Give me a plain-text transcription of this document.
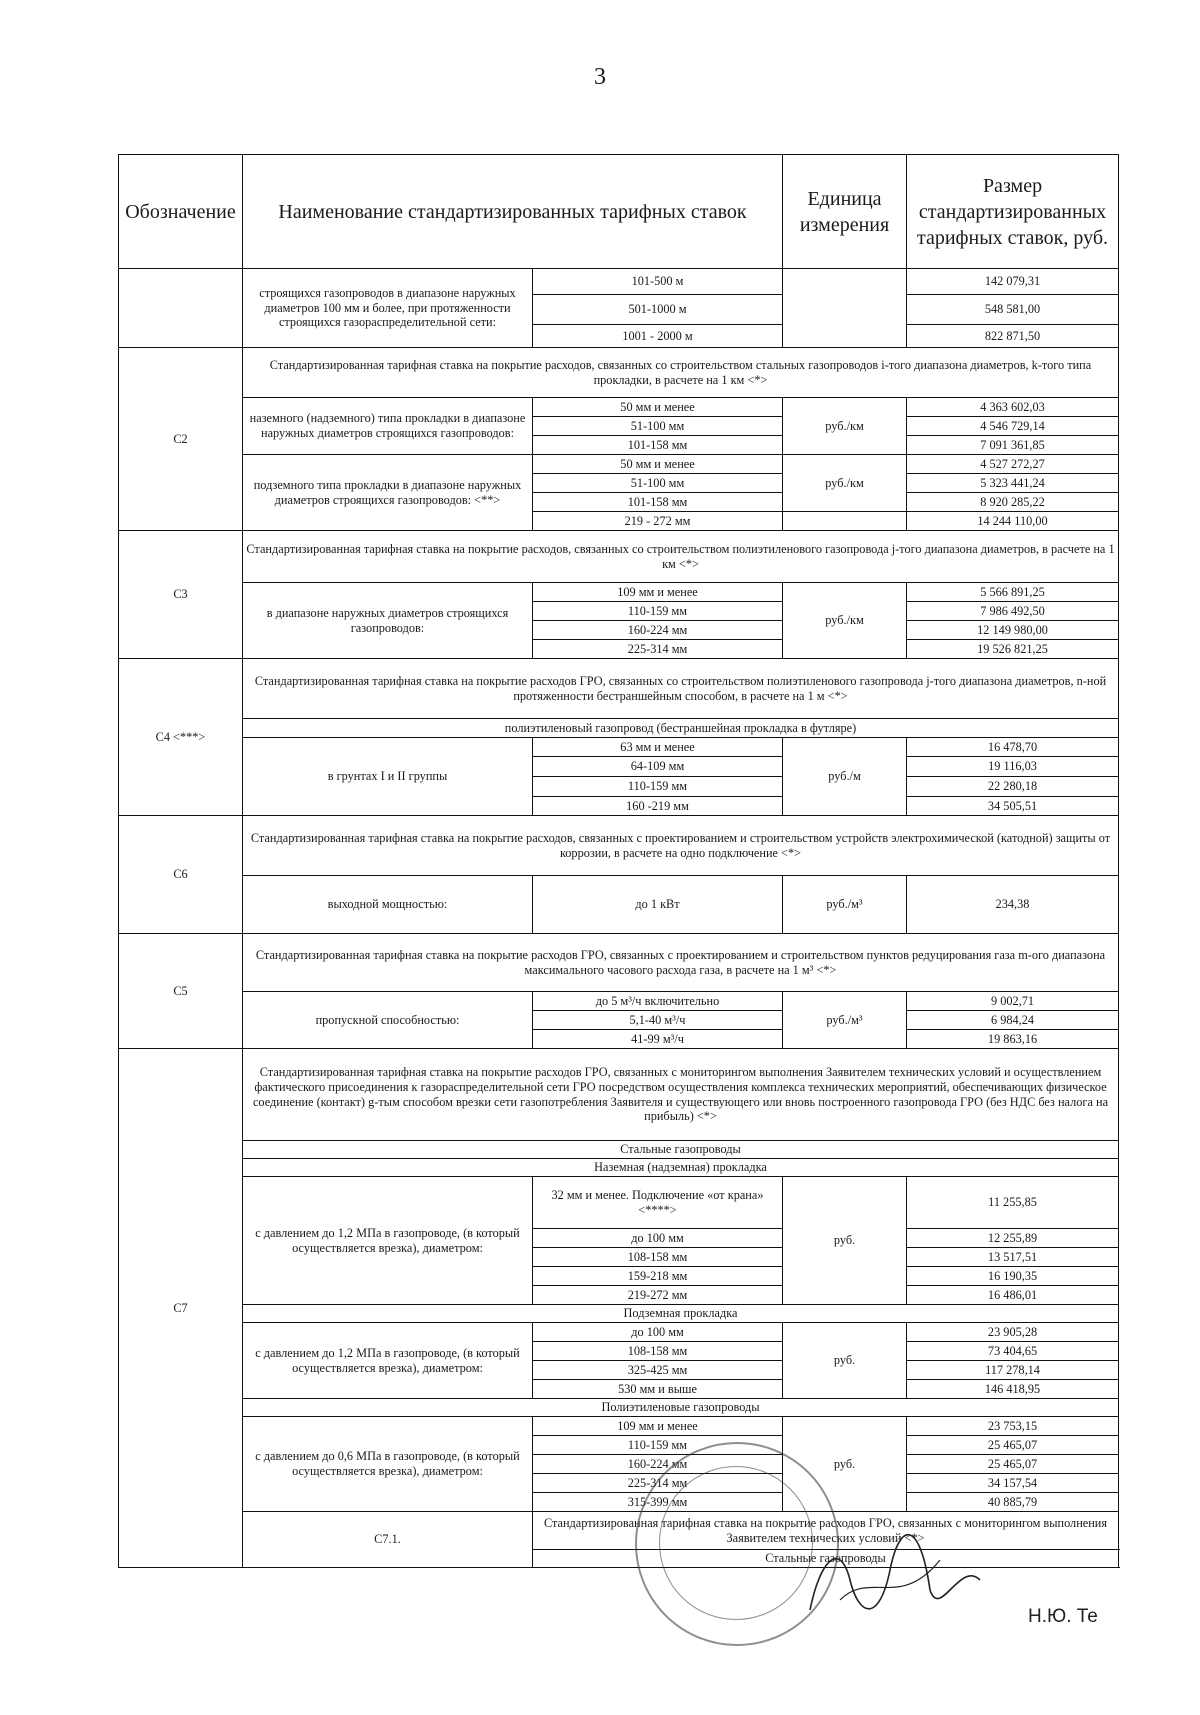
3
Обозначение	Наименование стандартизированных тарифных ставок		Единица измерения	Размер стандартизированных тарифных ставок, руб.
	строящихся газопроводов в диапазоне наружных диаметров 100 мм и более, при протяженности строящихся газораспределительной сети:	101-500 м		142 079,31
		501-1000 м		548 581,00
		1001 - 2000 м		822 871,50
C2	Стандартизированная тарифная ставка на покрытие расходов, связанных со строительством стальных газопроводов i-того диапазона диаметров, k-того типа прокладки, в расчете на 1 км <*>			
	наземного (надземного) типа прокладки в диапазоне наружных диаметров строящихся газопроводов:	50 мм и менее	руб./км	4 363 602,03
		51-100 мм		4 546 729,14
		101-158 мм		7 091 361,85
	подземного типа прокладки в диапазоне наружных диаметров строящихся газопроводов: <**>	50 мм и менее	руб./км	4 527 272,27
		51-100 мм		5 323 441,24
		101-158 мм		8 920 285,22
		219 - 272 мм		14 244 110,00
C3	Стандартизированная тарифная ставка на покрытие расходов, связанных со строительством полиэтиленового газопровода j-того диапазона диаметров, в расчете на 1 км <*>			
	в диапазоне наружных диаметров строящихся газопроводов:	109 мм и менее	руб./км	5 566 891,25
		110-159 мм		7 986 492,50
		160-224 мм		12 149 980,00
		225-314 мм		19 526 821,25
C4 <***>	Стандартизированная тарифная ставка на покрытие расходов ГРО, связанных со строительством полиэтиленового газопровода j-того диапазона диаметров, n-ной протяженности бестраншейным способом, в расчете на 1 м <*>			
	полиэтиленовый газопровод (бестраншейная прокладка в футляре)			
	в грунтах I и II группы	63 мм и менее	руб./м	16 478,70
		64-109 мм		19 116,03
		110-159 мм		22 280,18
		160 -219 мм		34 505,51
C6	Стандартизированная тарифная ставка на покрытие расходов, связанных с проектированием и строительством устройств электрохимической (катодной) защиты от коррозии, в расчете на одно подключение <*>			
	выходной мощностью:	до 1 кВт	руб./м³	234,38
C5	Стандартизированная тарифная ставка на покрытие расходов ГРО, связанных с проектированием и строительством пунктов редуцирования газа m-ого диапазона максимального часового расхода газа, в расчете на 1 м³ <*>			
	пропускной способностью:	до 5 м³/ч включительно	руб./м³	9 002,71
		5,1-40 м³/ч		6 984,24
		41-99 м³/ч		19 863,16
C7	Стандартизированная тарифная ставка на покрытие расходов ГРО, связанных с мониторингом выполнения Заявителем технических условий и осуществлением фактического присоединения к газораспределительной сети ГРО посредством осуществления комплекса технических мероприятий, обеспечивающих физическое соединение (контакт) g-тым способом врезки сети газопотребления Заявителя и существующего или вновь построенного газопровода ГРО (без НДС без налога на прибыль) <*>			
	Стальные газопроводы			
	Наземная (надземная) прокладка			
	с давлением до 1,2 МПа в газопроводе, (в который осуществляется врезка), диаметром:	32 мм и менее. Подключение «от крана» <****>	руб.	11 255,85
		до 100 мм		12 255,89
		108-158 мм		13 517,51
		159-218 мм		16 190,35
		219-272 мм		16 486,01
	Подземная прокладка			
	с давлением до 1,2 МПа в газопроводе, (в который осуществляется врезка), диаметром:	до 100 мм	руб.	23 905,28
		108-158 мм		73 404,65
		325-425 мм		117 278,14
		530 мм и выше		146 418,95
	Полиэтиленовые газопроводы			
	с давлением до 0,6 МПа в газопроводе, (в который осуществляется врезка), диаметром:	109 мм и менее	руб.	23 753,15
		110-159 мм		25 465,07
		160-224 мм		25 465,07
		225-314 мм		34 157,54
		315-399 мм		40 885,79
	C7.1.	Стандартизированная тарифная ставка на покрытие расходов ГРО, связанных с мониторингом выполнения Заявителем технических условий <*>		
		Стальные газопроводы		
Н.Ю. Те
